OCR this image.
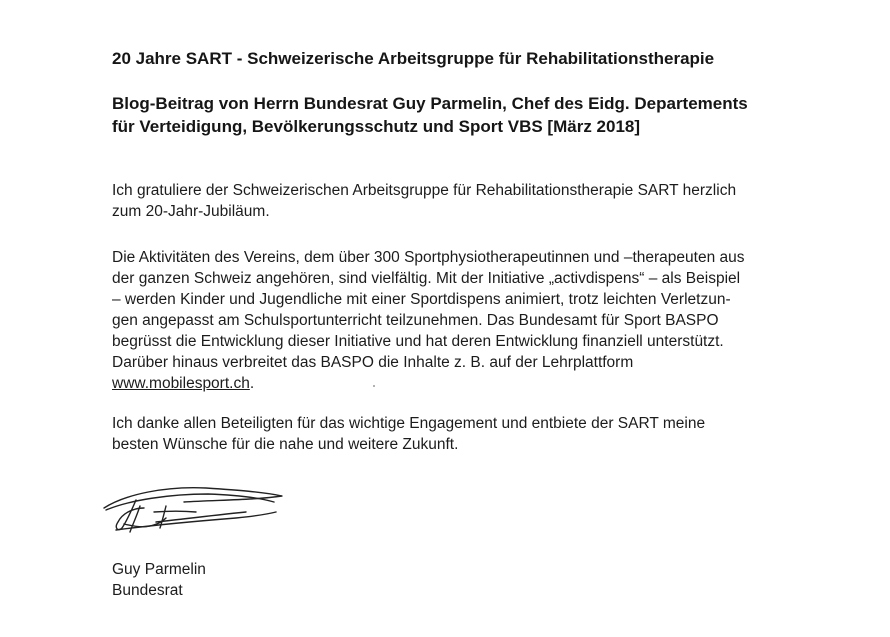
20 Jahre SART - Schweizerische Arbeitsgruppe für Rehabilitationstherapie
Blog-Beitrag von Herrn Bundesrat Guy Parmelin, Chef des Eidg. Departements
für Verteidigung, Bevölkerungsschutz und Sport VBS [März 2018]
Ich gratuliere der Schweizerischen Arbeitsgruppe für Rehabilitationstherapie SART herzlich
zum 20-Jahr-Jubiläum.
Die Aktivitäten des Vereins, dem über 300 Sportphysiotherapeutinnen und –therapeuten aus
der ganzen Schweiz angehören, sind vielfältig. Mit der Initiative „activdispens“ – als Beispiel
– werden Kinder und Jugendliche mit einer Sportdispens animiert, trotz leichten Verletzun-
gen angepasst am Schulsportunterricht teilzunehmen. Das Bundesamt für Sport BASPO
begrüsst die Entwicklung dieser Initiative und hat deren Entwicklung finanziell unterstützt.
Darüber hinaus verbreitet das BASPO die Inhalte z. B. auf der Lehrplattform
www.mobilesport.ch.
Ich danke allen Beteiligten für das wichtige Engagement und entbiete der SART meine
besten Wünsche für die nahe und weitere Zukunft.
Guy Parmelin
Bundesrat
